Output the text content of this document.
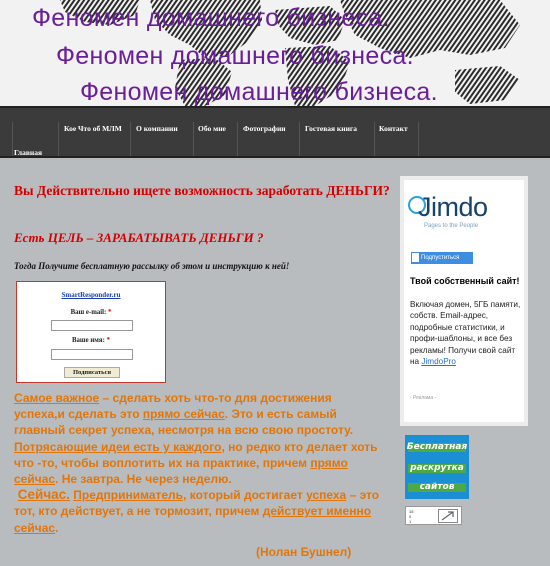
Феномен домашнего бизнеса.
Феномен домашнего бизнеса.
Феномен домашнего бизнеса.
Кое Что об МЛМ О компании	Обо мне Фотографии	Гостевая книга	Контакт
Главная
Вы Действительно ищете возможность заработать ДЕНЬГИ?
Есть ЦЕЛЬ – ЗАРАБАТЫВАТЬ ДЕНЬГИ ?
Тогда Получите бесплатную рассылку об этом и инструкцию к ней!
SmartResponder.ru
Ваш e-mail: *
Ваше имя: *
Подписаться
Самое важное – сделать хоть что-то для достижения успеха,и сделать это прямо сейчас. Это и есть самый главный секрет успеха, несмотря на всю свою простоту. Потрясающие идеи есть у каждого, но редко кто делает хоть что -то, чтобы воплотить их на практике, причем прямо сейчас. Не завтра. Не через неделю.
Сейчас. Предприниматель, который достигает успеха – это тот, кто действует, а не тормозит, причем действует именно сейчас.
(Нолан Бушнел)
Jimdo
Pages to the People
Подпуститься
Твой собственный сайт!
Включая домен, 5ГБ памяти, собств. Email-адрес, подробные статистики, и профи-шаблоны, и все без рекламы! Получи свой сайт на JimdoPro
- Реклама -
Бесплатная
раскрутка
сайтов
15
0
1
